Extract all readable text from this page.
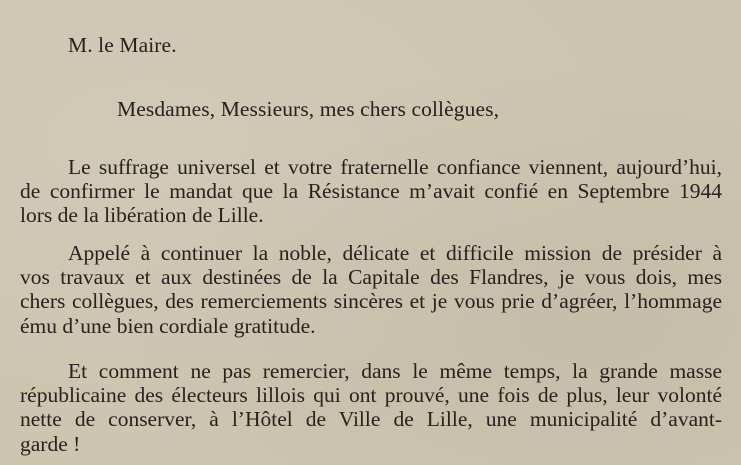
M. le Maire.
Mesdames, Messieurs, mes chers collègues,
Le suffrage universel et votre fraternelle confiance viennent, aujourd’hui,
de confirmer le mandat que la Résistance m’avait confié en Septembre 1944
lors de la libération de Lille.
Appelé à continuer la noble, délicate et difficile mission de présider à
vos travaux et aux destinées de la Capitale des Flandres, je vous dois, mes
chers collègues, des remerciements sincères et je vous prie d’agréer, l’hommage
ému d’une bien cordiale gratitude.
Et comment ne pas remercier, dans le même temps, la grande masse
républicaine des électeurs lillois qui ont prouvé, une fois de plus, leur volonté
nette de conserver, à l’Hôtel de Ville de Lille, une municipalité d’avant-
garde !
